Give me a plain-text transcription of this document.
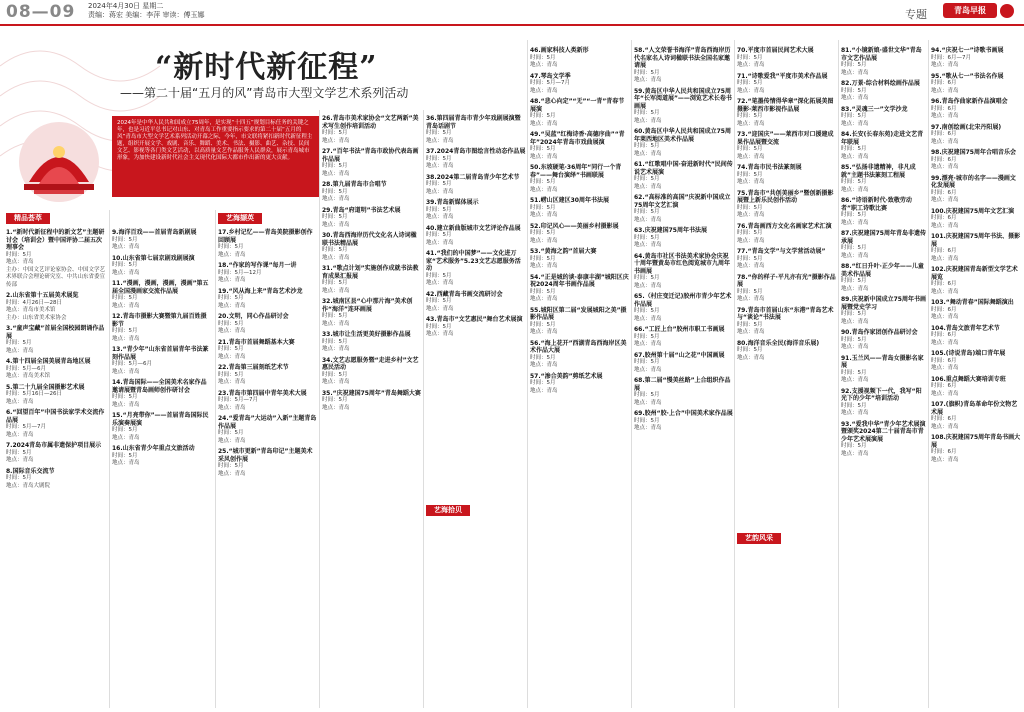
08—09 2024年4月30日 星期二
责编：蒋宏 美编：李萍 审读：傅玉娜	专题	青岛早报
“新时代新征程”
——第二十届“五月的风”青岛市大型文学艺术系列活动
2024年是中华人民共和国成立75周年，是实现“十四五”规划目标任务的关键之年，也是习近平总书记对山东、对青岛工作重要指示要求的第二十届“五月的风”青岛市大型文学艺术系列活动开幕之际，今年，市文联将紧扣新时代新征程主题，组织开展文学、戏剧、音乐、舞蹈、美术、书法、摄影、曲艺、杂技、民间文艺、影视等各门类文艺活动，以高质量文艺作品服务人民群众，展示青岛城市形象，为加快建设新时代社会主义现代化国际大都市作出新的更大贡献。
精品荟萃	艺海撷英
艺海拾贝
艺韵风采
1.“新时代新征程中的新文艺”主题研讨会（培训会）暨中国评协二届五次理事会
时间：5月
地点：青岛
主办：中国文艺评论家协会、中国文学艺术界联合会理论研究室、中共山东省委宣传部
2.山东省第十五届美术展览
时间：4月26日—28日
地点：青岛市美术馆
主办：山东省美术家协会
3.“童声宝藏”首届全国校园朗诵作品展
时间：5月
地点：青岛
4.第十四届全国美展青岛地区展
时间：5月—6月
地点：青岛美术馆
5.第二十九届全国摄影艺术展
时间：5月16日—26日
地点：青岛
6.“回望百年”中国书法家学术交流作品展
时间：5月—7月
地点：青岛
7.2024青岛市属非遗保护项目展示
时间：5月
地点：青岛
8.国际音乐交流节
时间：5月
地点：青岛大剧院
9.海洋百戏——首届青岛新剧展
时间：5月
地点：青岛
10.山东省第七届京剧戏剧展演
时间：5月
地点：青岛
11.“漫画，漫画，漫画，漫画”第五届全国漫画家交流作品展
时间：5月
地点：青岛
12.青岛市摄影大赛暨第九届百姓摄影节
时间：5月
地点：青岛
13.“青少年”山东省首届青年书法篆刻作品展
时间：5月—6月
地点：青岛
14.青岛国际——全国美术名家作品邀请展暨青岛画师创作研讨会
时间：5月
地点：青岛
15.“月亮带你”——首届青岛国际民乐演奏展演
时间：5月
地点：青岛
16.山东省青少年重点文旅活动
时间：5月
地点：青岛
17.乡村记忆——青岛美院摄影创作回顾展
时间：5月
地点：青岛
18.“作家的写作课”每月一讲
时间：5月—12月
地点：青岛
19.“风从海上来”青岛艺术沙龙
时间：5月
地点：青岛
20.文明，同心作品研讨会
时间：5月
地点：青岛
21.青岛市首届舞蹈基本大赛
时间：5月
地点：青岛
22.青岛第三届刻纸艺术节
时间：5月
地点：青岛
23.青岛市第四届中青年美术大展
时间：5月—7月
地点：青岛
24.“爱青岛”大运动”入新”主题青岛作品展
时间：5月
地点：青岛
25.“城市更新”青岛印记”主题美术采风创作展
时间：5月
地点：青岛
26.青岛市美术家协会“文艺两新”美术写生创作培训活动
时间：5月
地点：青岛
27.“百年书法”青岛市政协代表岛画作品展
时间：5月
地点：青岛
28.第九届青岛市合唱节
时间：5月
地点：青岛
29.青岛“府道明”书法艺术展
时间：5月
地点：青岛
30.青岛西海岸历代文化名人诗词楹联书法精品展
时间：5月
地点：青岛
31.“歌点计划”实施创作成就书法教育成果汇报展
时间：5月
地点：青岛
32.城南区县“心中那片海”美术创作“海洋”连环画展
时间：5月
地点：青岛
33.城市让生活更美好摄影作品展
时间：5月
地点：青岛
34.文艺志愿服务暨“走进乡村”文艺惠民活动
时间：5月
地点：青岛
35.“庆祝建国75周年”青岛舞蹈大赛
时间：5月
地点：青岛
36.第四届青岛市青少年戏剧展演暨青岛话剧节
时间：5月
地点：青岛
37.2024青岛市图绘言性动态作品展
时间：5月
地点：青岛
38.2024第二届青岛青少年艺术节
时间：5月
地点：青岛
39.青岛新媒体展示
时间：5月
地点：青岛
40.建立新曲版城市文艺评论作品展
时间：5月
地点：青岛
41.“我们的中国梦”——文化进万家“艺术服务”5.23文艺志愿服务活动
时间：5月
地点：青岛
42.西藏青岛书画交流研讨会
时间：5月
地点：青岛
43.青岛市“文艺惠民”舞台艺术展演
时间：5月
地点：青岛
46.画家科技人类新形
时间：5月
地点：青岛
47.琴岛文学季
时间：5月—7月
地点：青岛
48.“悲心向定”“无”“一青”青春节展演
时间：5月
地点：青岛
49.“吴蓝”红梅诗香·高德序曲”“青年”2024年青岛市戏曲展演
时间：5月
地点：青岛
50.东坡硬笔·36周年“同行一个青春”——舞台演绎”书画联展
时间：5月
地点：青岛
51.崂山区建区30周年书法展
时间：5月
地点：青岛
52.印记风心——美丽乡村摄影展
时间：5月
地点：青岛
53.“黄海之韵”首届大赛
时间：5月
地点：青岛
54.“正是城的谈·泰康丰湖”城阳区庆祝2024周年书画作品展
时间：5月
地点：青岛
55.城阳区第二届“发展城阳之美”摄影作品展
时间：5月
地点：青岛
56.“海上花开”西湖青岛西海岸区美术作品大展
时间：5月
地点：青岛
57.“渗合美韵”剪纸艺术展
时间：5月
地点：青岛
58.“人文荣誉书海洋”青岛西海岸历代名家名人诗词楹联书法全国名家邀请展
时间：5月
地点：青岛
59.黄岛区中华人民共和国成立75周年“长军阅道展”——浏览艺术长卷书画展
时间：5月
地点：青岛
60.黄岛区中华人民共和国成立75周年莱西地区美术作品展
时间：5月
地点：青岛
61.“红歌唱中国·奋进新时代”民间传说艺术展演
时间：5月
地点：青岛
62.“高标准的高国”庆祝新中国成立75周年文艺汇演
时间：5月
地点：青岛
63.庆祝建国75周年书法展
时间：5月
地点：青岛
64.黄岛市社区书法美术家协会庆祝十周年暨黄岛市红色阅览城市九周年书画展
时间：5月
地点：青岛
65.（村庄变迁记)胶州市青少年艺术作品展
时间：5月
地点：青岛
66.“工匠上台”胶州市职工书画展
时间：5月
地点：青岛
67.胶州第十届“山之花”中国画展
时间：5月
地点：青岛
68.第二届“慢美丝路”上合组织作品展
时间：5月
地点：青岛
69.胶州“胶·上合”中国美术家作品展
时间：5月
地点：青岛
70.平度市首届民间艺术大展
时间：5月
地点：青岛
71.“诗歌爱我”平度市美术作品展
时间：5月
地点：青岛
72.“笔墨传情得华章”深化拓展美图摄影·莱西市影视作品展
时间：5月
地点：青岛
73.“迎国庆”——莱西市对口援建成果作品展暨交流
时间：5月
地点：青岛
74.青岛市民书法篆刻展
时间：5月
地点：青岛
75.青岛市“共创美丽乡”暨创新摄影展暨上新乐民创作活动
时间：5月
地点：青岛
76.青岛画西方文化名画家艺术汇演
时间：5月
地点：青岛
77.“青岛文学”与文学营活动展”
时间：5月
地点：青岛
78.“你的样子·平凡亦有光”摄影作品展
时间：5月
地点：青岛
79.青岛市首届山东“东港”青岛艺术与“谈论”书法展
时间：5月
地点：青岛
80.海洋音乐全民(海洋音乐展)
时间：5月
地点：青岛
81.“小镜新娘·盛世文华”青岛市文艺作品展
时间：5月
地点：青岛
82.万景·综合材料绘画作品展
时间：5月
地点：青岛
83.“灵魂三一”文学沙龙
时间：5月
地点：青岛
84.长安(长春东苑)走进文艺青年联展
时间：5月
地点：青岛
85.“弘扬非遗精神，非凡成就”主题书法篆刻工程展
时间：5月
地点：青岛
86.“诗语新时代·致敬劳动者”职工诗歌比赛
时间：5月
地点：青岛
87.庆祝建国75周年青岛非遗传承展
时间：5月
地点：青岛
88.“红日升叶·正少年——儿童美术作品展
时间：5月
地点：青岛
89.庆祝新中国成立75周年书画展暨党史学习
时间：5月
地点：青岛
90.青岛作家团创作品研讨会
时间：5月
地点：青岛
91.玉兰风——青岛女摄影名家展
时间：5月
地点：青岛
92.支援视频下一代，我写“阳光下的少年”培训活动
时间：5月
地点：青岛
93.“爱我中华”青少年艺术展演暨颁奖2024第二十届青岛市青少年艺术展演展
时间：5月
地点：青岛
94.“庆祝七一”诗歌书画展
时间：6月—7月
地点：青岛
95.“歌从七一”书法名作展
时间：6月
地点：青岛
96.青岛作曲家新作品演唱会
时间：6月
地点：青岛
97.南创绘画(北宋丹阳展)
时间：6月
地点：青岛
98.庆祝建国75周年合唱音乐会
时间：6月
地点：青岛
99.漂亮·城市的名字——漫画文化发展展
时间：6月
地点：青岛
100.庆祝建国75周年文艺汇演
时间：6月
地点：青岛
101.庆祝建国75周年书法、摄影展
时间：6月
地点：青岛
102.庆祝建国青岛新型文学艺术展览
时间：6月
地点：青岛
103.“舞动青春”国际舞蹈演出
时间：6月
地点：青岛
104.青岛文旅青年艺术节
时间：6月
地点：青岛
105.(诗说青岛)端口青年展
时间：6月
地点：青岛
106.重点舞蹈大赛培训专班
时间：6月
地点：青岛
107.(旗帜)青岛革命年份文物艺术展
时间：6月
地点：青岛
108.庆祝建国75周年青岛书画大展
时间：6月
地点：青岛
